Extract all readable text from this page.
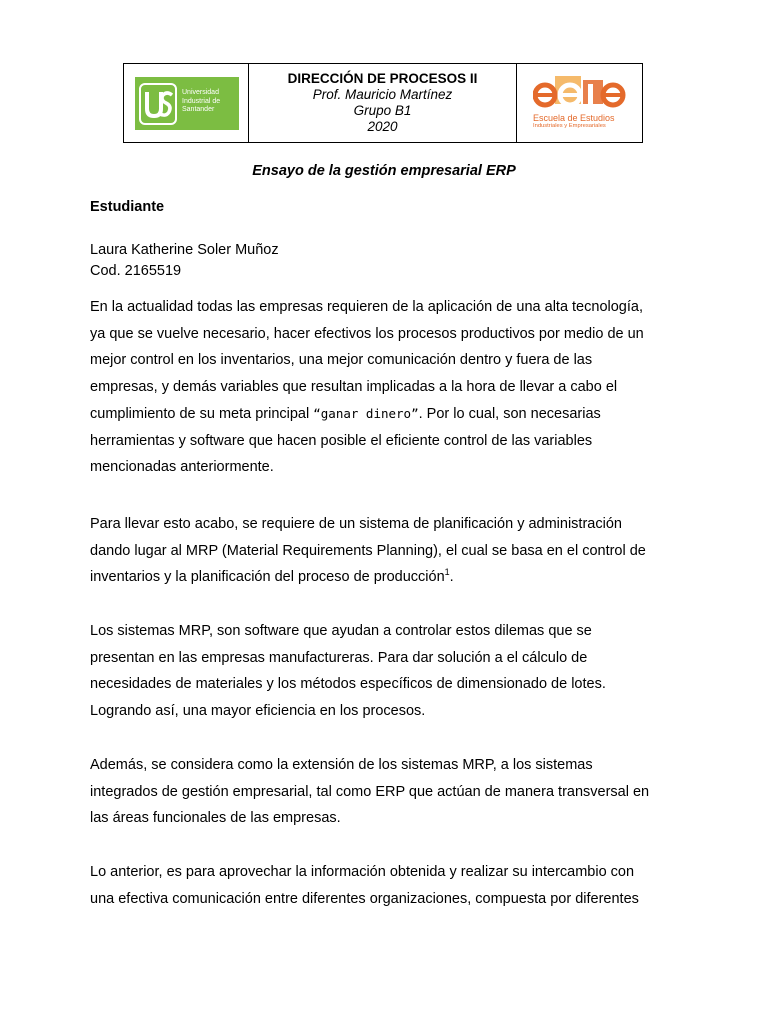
Universidad
Industrial de
Santander
DIRECCIÓN DE PROCESOS II
Prof. Mauricio Martínez
Grupo B1
2020
Escuela de Estudios
Industriales y Empresariales
Ensayo de la gestión empresarial ERP
Estudiante
Laura Katherine Soler Muñoz
Cod. 2165519
En la actualidad todas las empresas requieren de la aplicación de una alta tecnología,
ya que se vuelve necesario, hacer efectivos los procesos productivos por medio de un
mejor control en los inventarios, una mejor comunicación dentro y fuera de las
empresas, y demás variables que resultan implicadas a la hora de llevar a cabo el
cumplimiento de su meta principal “ganar dinero”. Por lo cual, son necesarias
herramientas y software que hacen posible el eficiente control de las variables
mencionadas anteriormente.
Para llevar esto acabo, se requiere de un sistema de planificación y administración
dando lugar al MRP (Material Requirements Planning), el cual se basa en el control de
inventarios y la planificación del proceso de producción$^1$.
Los sistemas MRP, son software que ayudan a controlar estos dilemas que se
presentan en las empresas manufactureras. Para dar solución a el cálculo de
necesidades de materiales y los métodos específicos de dimensionado de lotes.
Logrando así, una mayor eficiencia en los procesos.
Además, se considera como la extensión de los sistemas MRP, a los sistemas
integrados de gestión empresarial, tal como ERP que actúan de manera transversal en
las áreas funcionales de las empresas.
Lo anterior, es para aprovechar la información obtenida y realizar su intercambio con
una efectiva comunicación entre diferentes organizaciones, compuesta por diferentes
